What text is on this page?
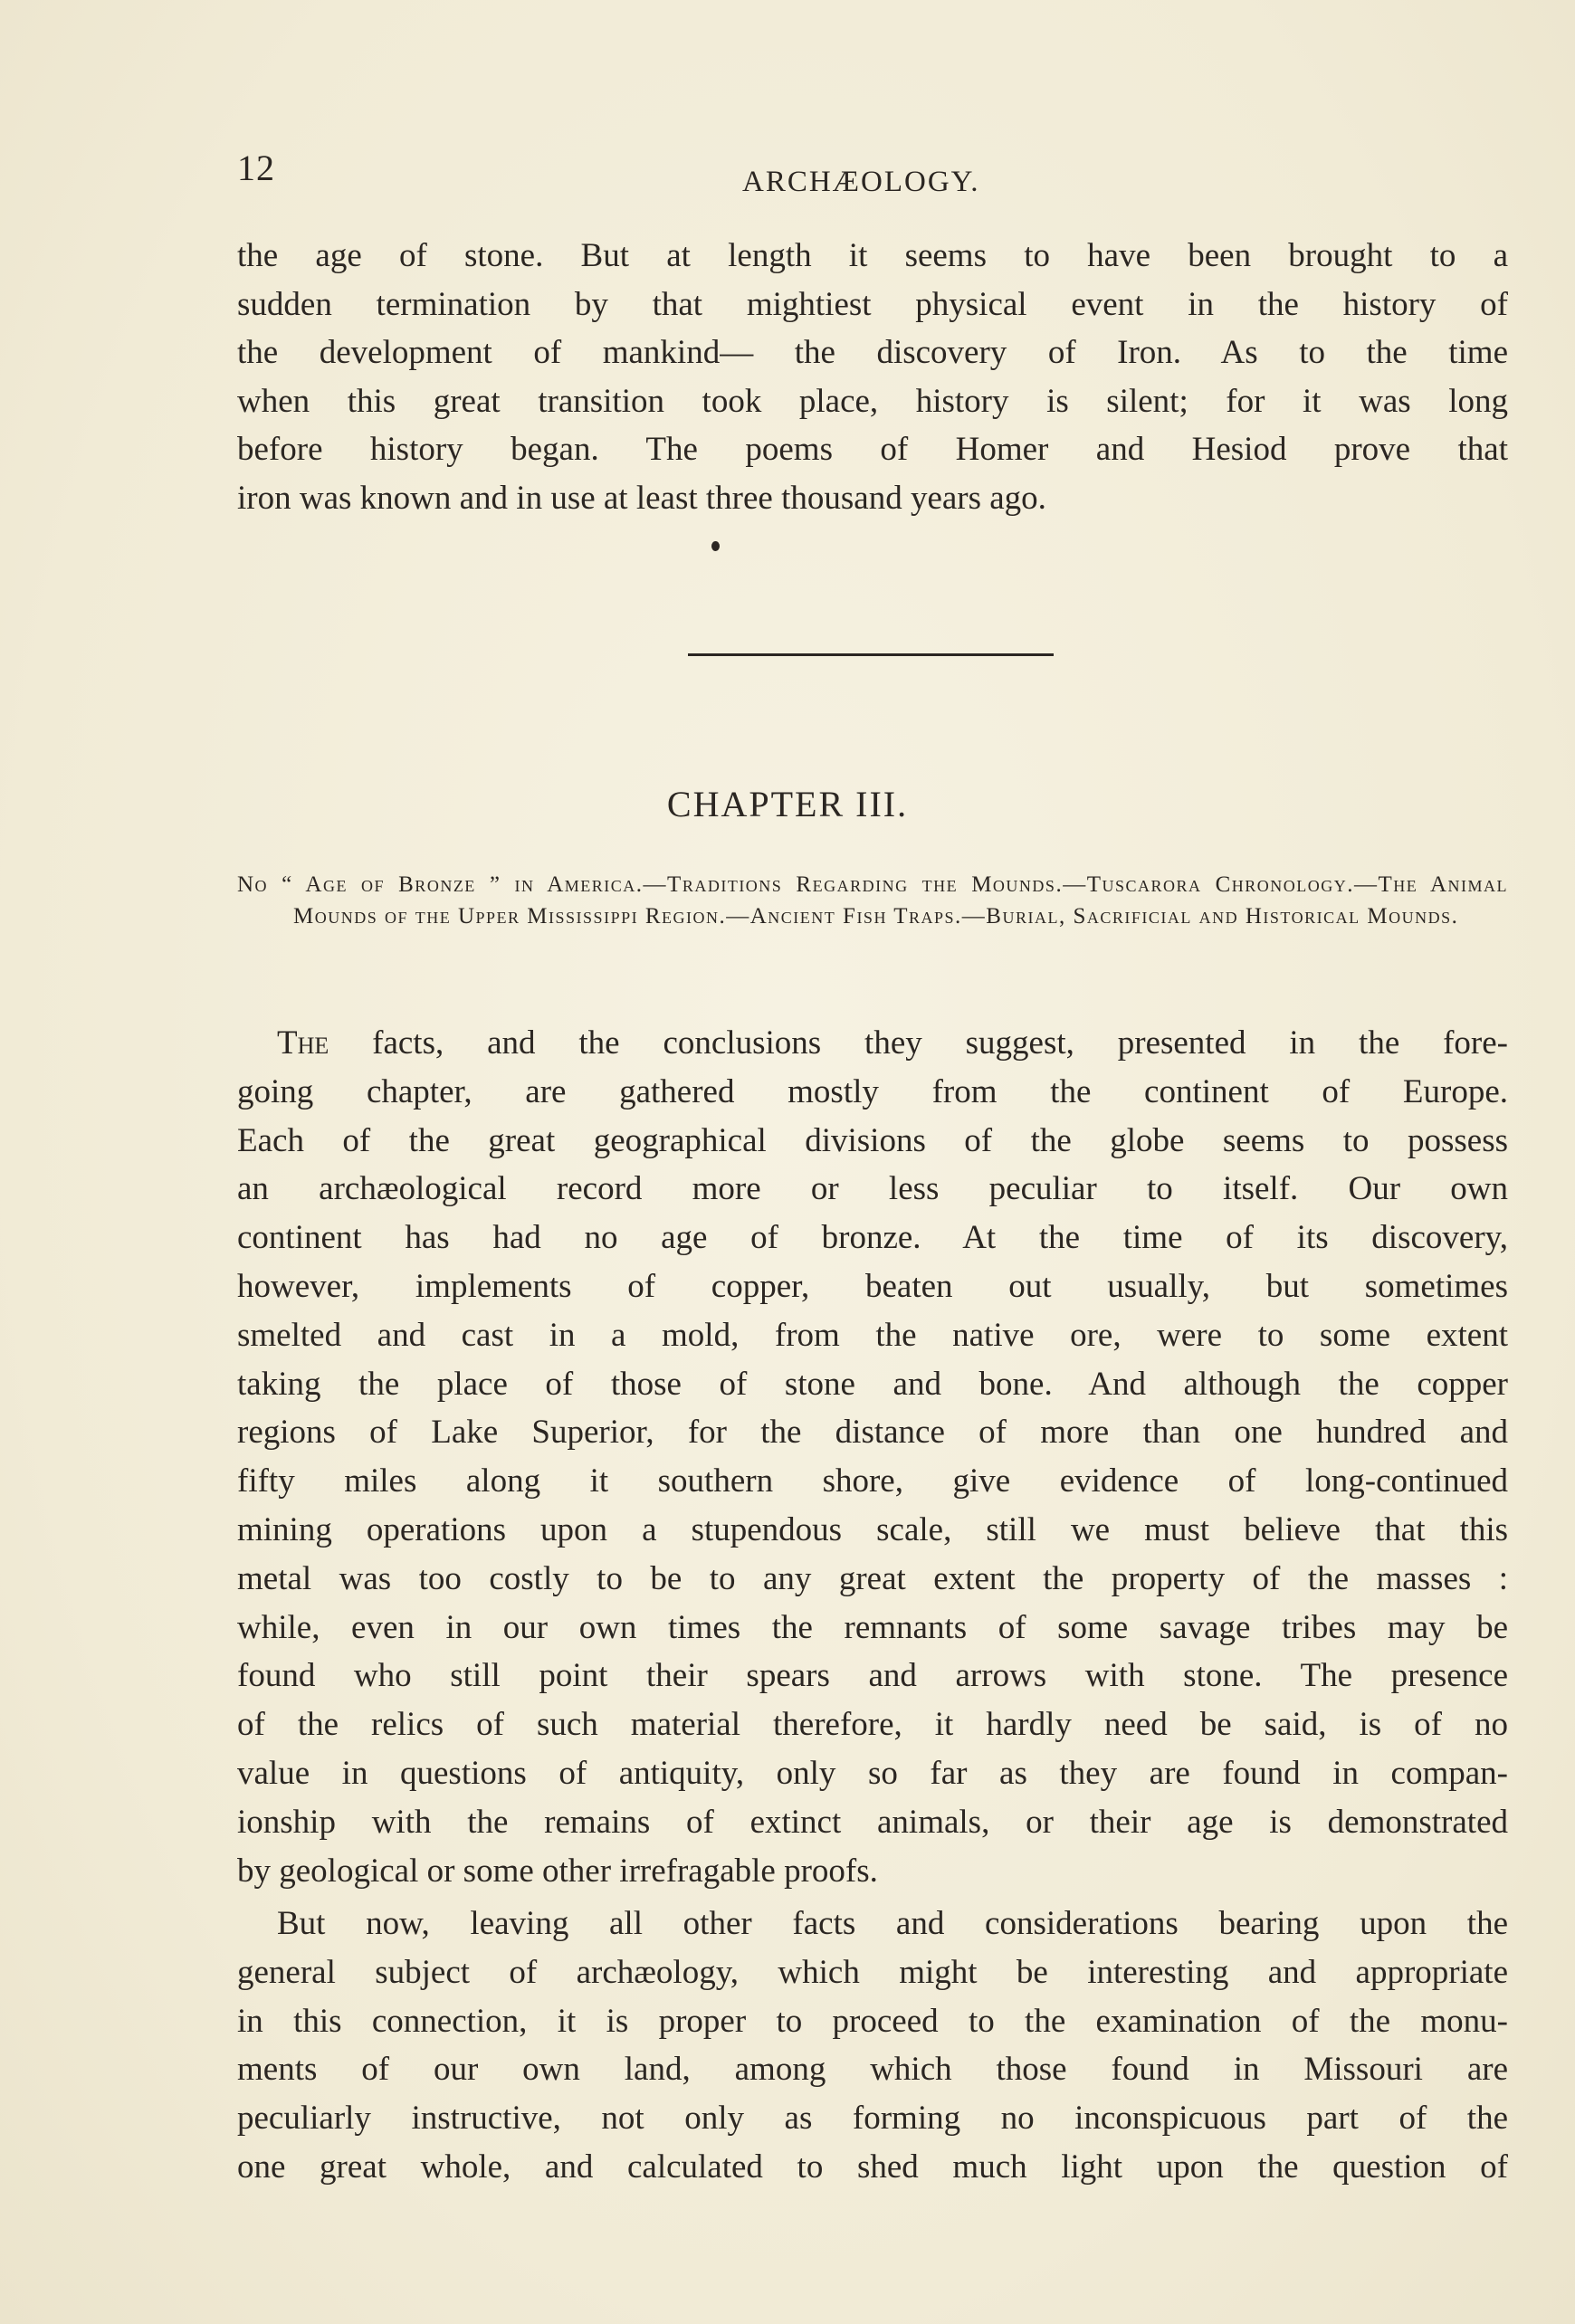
12	ARCHÆOLOGY.
the age of stone. But at length it seems to have been brought to a
sudden termination by that mightiest physical event in the history of
the development of mankind— the discovery of Iron. As to the time
when this great transition took place, history is silent; for it was long
before history began. The poems of Homer and Hesiod prove that
iron was known and in use at least three thousand years ago.
CHAPTER III.
No “ Age of Bronze ” in America.—Traditions Regarding the Mounds.—Tuscarora Chronology.—The Animal Mounds of the Upper Mississippi Region.—Ancient Fish Traps.—Burial, Sacrificial and Historical Mounds.
The facts, and the conclusions they suggest, presented in the fore-
going chapter, are gathered mostly from the continent of Europe.
Each of the great geographical divisions of the globe seems to possess
an archæological record more or less peculiar to itself. Our own
continent has had no age of bronze. At the time of its discovery,
however, implements of copper, beaten out usually, but sometimes
smelted and cast in a mold, from the native ore, were to some extent
taking the place of those of stone and bone. And although the copper
regions of Lake Superior, for the distance of more than one hundred and
fifty miles along it southern shore, give evidence of long-continued
mining operations upon a stupendous scale, still we must believe that this
metal was too costly to be to any great extent the property of the masses :
while, even in our own times the remnants of some savage tribes may be
found who still point their spears and arrows with stone. The presence
of the relics of such material therefore, it hardly need be said, is of no
value in questions of antiquity, only so far as they are found in compan-
ionship with the remains of extinct animals, or their age is demonstrated
by geological or some other irrefragable proofs.
But now, leaving all other facts and considerations bearing upon the
general subject of archæology, which might be interesting and appropriate
in this connection, it is proper to proceed to the examination of the monu-
ments of our own land, among which those found in Missouri are
peculiarly instructive, not only as forming no inconspicuous part of the
one great whole, and calculated to shed much light upon the question of
